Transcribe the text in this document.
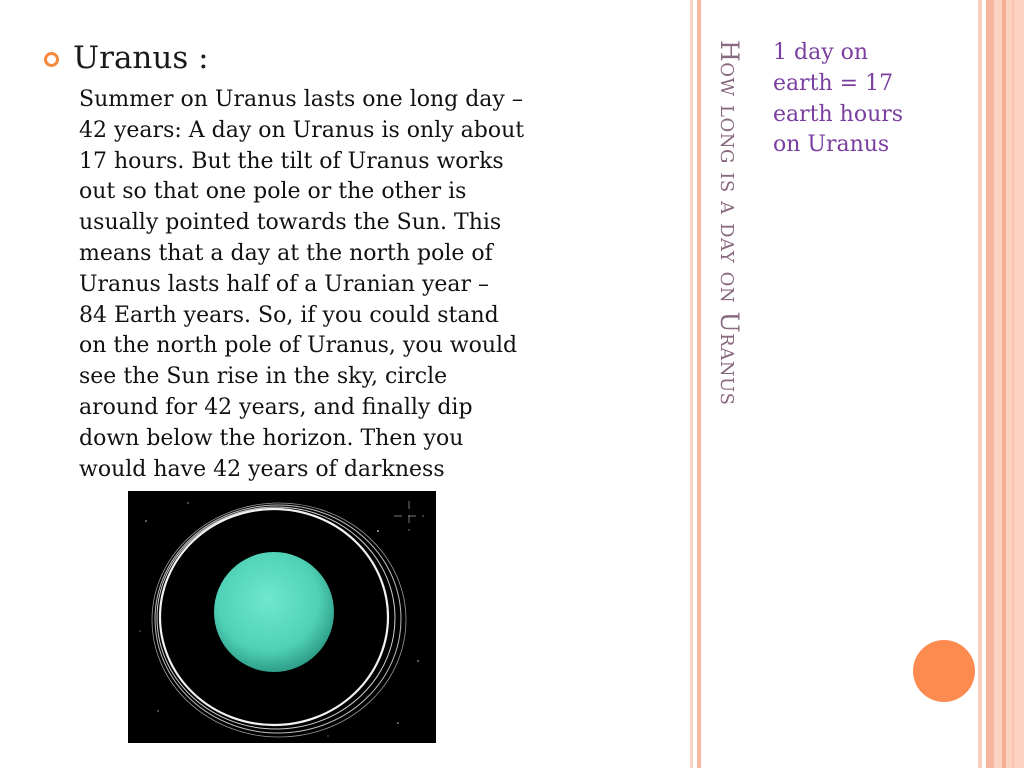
Uranus :
Summer on Uranus lasts one long day –
42 years: A day on Uranus is only about
17 hours. But the tilt of Uranus works
out so that one pole or the other is
usually pointed towards the Sun. This
means that a day at the north pole of
Uranus lasts half of a Uranian year –
84 Earth years. So, if you could stand
on the north pole of Uranus, you would
see the Sun rise in the sky, circle
around for 42 years, and finally dip
down below the horizon. Then you
would have 42 years of darkness
How long is a day on Uranus 1 day on
earth = 17
earth hours
on Uranus
